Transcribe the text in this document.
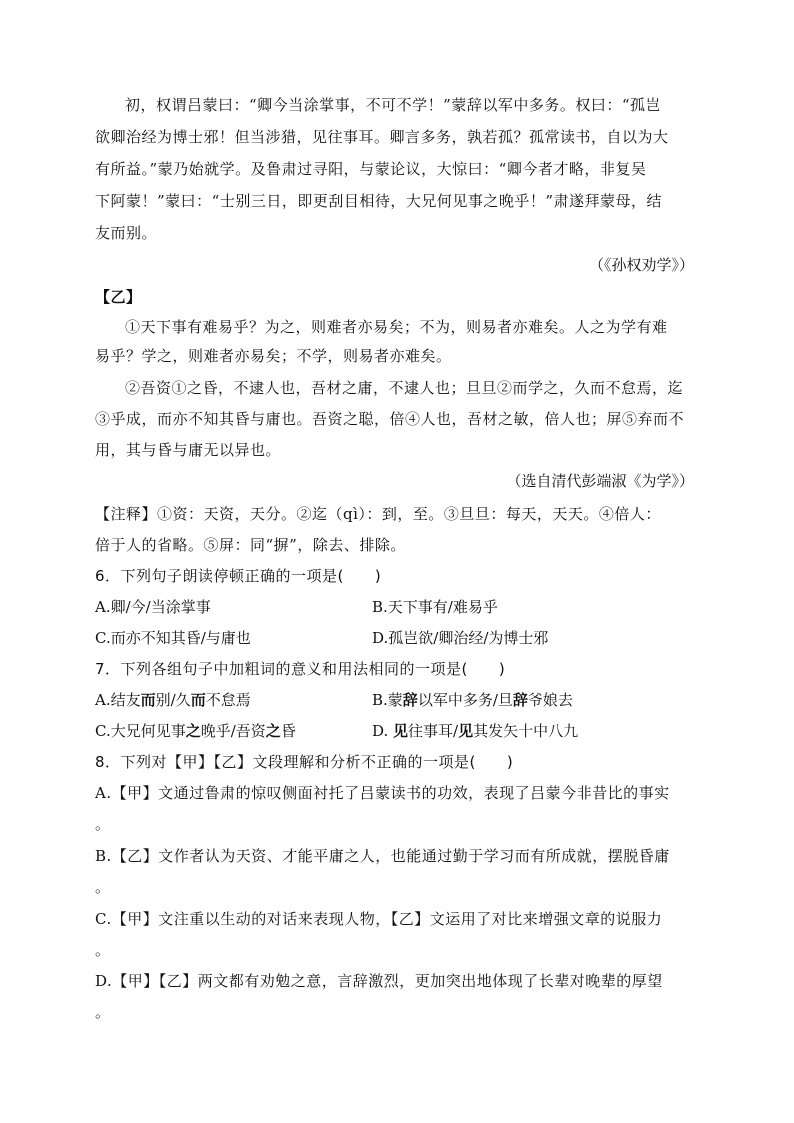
初，权谓吕蒙曰：“卿今当涂掌事，不可不学！”蒙辞以军中多务。权曰：“孤岂
欲卿治经为博士邪！但当涉猎，见往事耳。卿言多务，孰若孤？孤常读书，自以为大
有所益。”蒙乃始就学。及鲁肃过寻阳，与蒙论议，大惊曰：“卿今者才略，非复吴
下阿蒙！”蒙曰：“士别三日，即更刮目相待，大兄何见事之晚乎！”肃遂拜蒙母，结
友而别。
（《孙权劝学》）
【乙】
①天下事有难易乎？为之，则难者亦易矣；不为，则易者亦难矣。人之为学有难
易乎？学之，则难者亦易矣；不学，则易者亦难矣。
②吾资①之昏，不逮人也，吾材之庸，不逮人也；旦旦②而学之，久而不怠焉，迄
③乎成，而亦不知其昏与庸也。吾资之聪，倍④人也，吾材之敏，倍人也；屏⑤弃而不
用，其与昏与庸无以异也。
（选自清代彭端淑《为学》）
【注释】①资：天资，天分。②迄（qì）：到，至。③旦旦：每天，天天。④倍人：
倍于人的省略。⑤屏：同“摒”，除去、排除。
6．下列句子朗读停顿正确的一项是(　　)
A.卿/今/当涂掌事	B.天下事有/难易乎
C.而亦不知其昏/与庸也	D.孤岂欲/卿治经/为博士邪
7．下列各组句子中加粗词的意义和用法相同的一项是(　　)
A.结友而别/久而不怠焉	B.蒙辞以军中多务/旦辞爷娘去
C.大兄何见事之晚乎/吾资之昏	D. 见往事耳/见其发矢十中八九
8．下列对【甲】【乙】文段理解和分析不正确的一项是(　　)
A.【甲】文通过鲁肃的惊叹侧面衬托了吕蒙读书的功效，表现了吕蒙今非昔比的事实
。
B.【乙】文作者认为天资、才能平庸之人，也能通过勤于学习而有所成就，摆脱昏庸
。
C.【甲】文注重以生动的对话来表现人物，【乙】文运用了对比来增强文章的说服力
。
D.【甲】【乙】两文都有劝勉之意，言辞激烈，更加突出地体现了长辈对晚辈的厚望
。
